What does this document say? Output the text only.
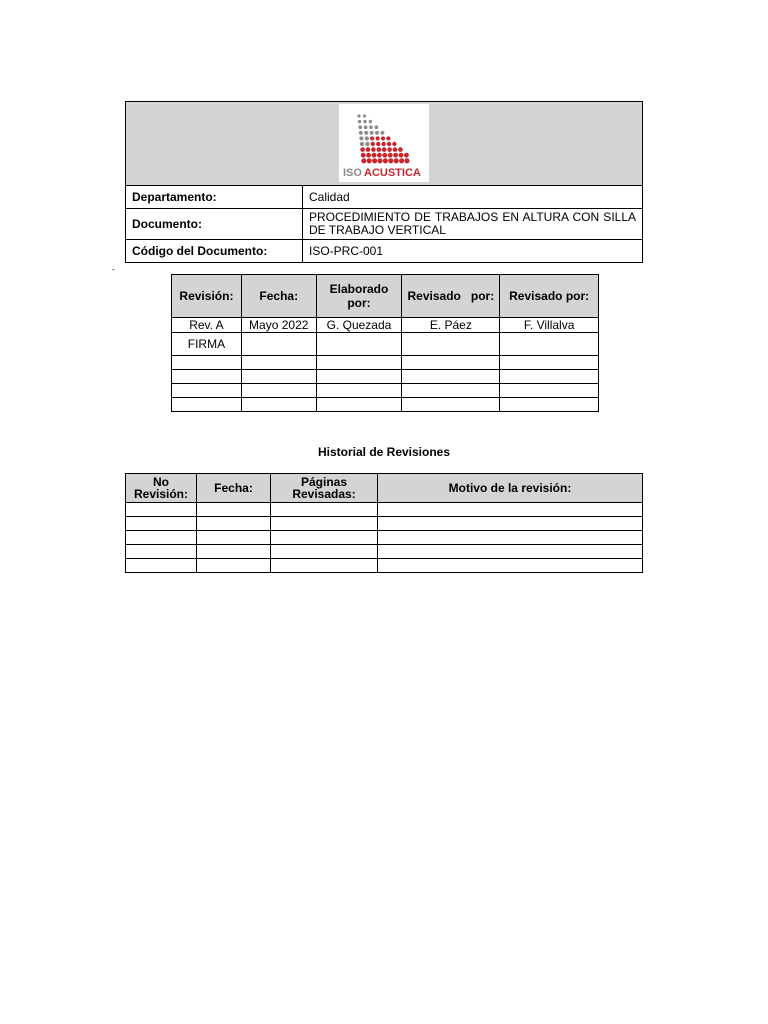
-
ISO ACUSTICA	

Departamento:	Calidad
Documento:	PROCEDIMIENTO DE TRABAJOS EN ALTURA CON SILLA DE TRABAJO VERTICAL
Código del Documento:	ISO-PRC-001
Revisión:	Fecha:	Elaborado por:	Revisado   por:	Revisado por:
Rev. A	Mayo 2022	G. Quezada	E. Páez	F. Villalva
FIRMA				

Historial de Revisiones
No Revisión:	Fecha:	Páginas Revisadas:	Motivo de la revisión:
